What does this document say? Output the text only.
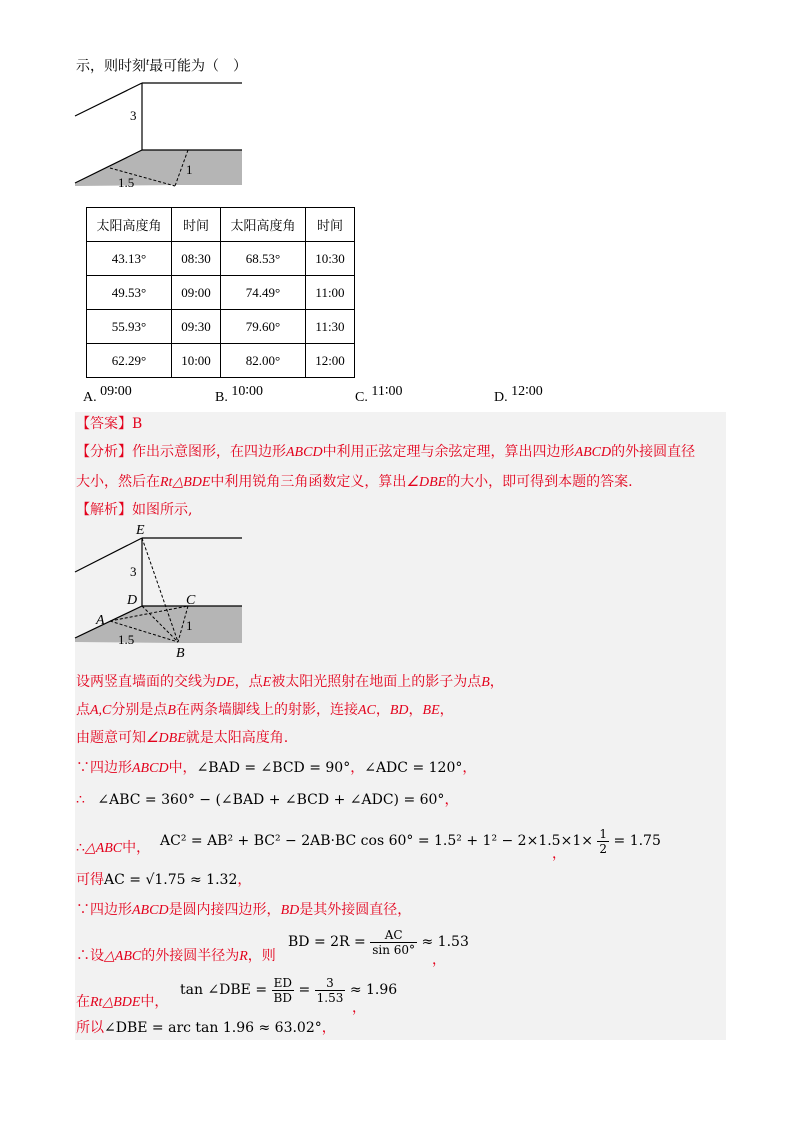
示，则时刻$^t$最可能为（　）
3
1.5
1
太阳高度角	时间	太阳高度角	时间
43.13°	08:30	68.53°	10:30
49.53°	09:00	74.49°	11:00
55.93°	09:30	79.60°	11:30
62.29°	10:00	82.00°	12:00
A. 09∶00	B. 10∶00	C. 11∶00	D. 12∶00
【答案】B
【分析】作出示意图形，在四边形ABCD中利用正弦定理与余弦定理，算出四边形ABCD的外接圆直径
大小，然后在Rt△BDE中利用锐角三角函数定义，算出∠DBE的大小，即可得到本题的答案.
【解析】如图所示,
E
3
D	C
A
1.5
1
B
设两竖直墙面的交线为DE，点E被太阳光照射在地面上的影子为点B，
点A,C分别是点B在两条墙脚线上的射影，连接AC，BD，BE，
由题意可知∠DBE就是太阳高度角.
∵四边形ABCD中，∠BAD = ∠BCD = 90°，∠ADC = 120°，
∴ ∠ABC = 360° − (∠BAD + ∠BCD + ∠ADC) = 60°，
∴△ABC中， AC² = AB² + BC² − 2AB·BC $\cos 60^\circ = 1.5^2 + 1^2 - 2\times 1.5\times 1\times \frac{1}{2} = 1.75$
，
可得AC = √1.75 ≈ 1.32，
∵四边形ABCD是圆内接四边形，BD是其外接圆直径，
∴设△ABC的外接圆半径为R，则
BD = $2R = \frac{AC}{\sin 60^\circ} \approx 1.53$
，
在Rt△BDE中，
tan ∠DBE = $\frac{ED}{BD} = \frac{3}{1.53} \approx 1.96$
，
所以∠DBE = arc tan 1.96 ≈ 63.02°，
